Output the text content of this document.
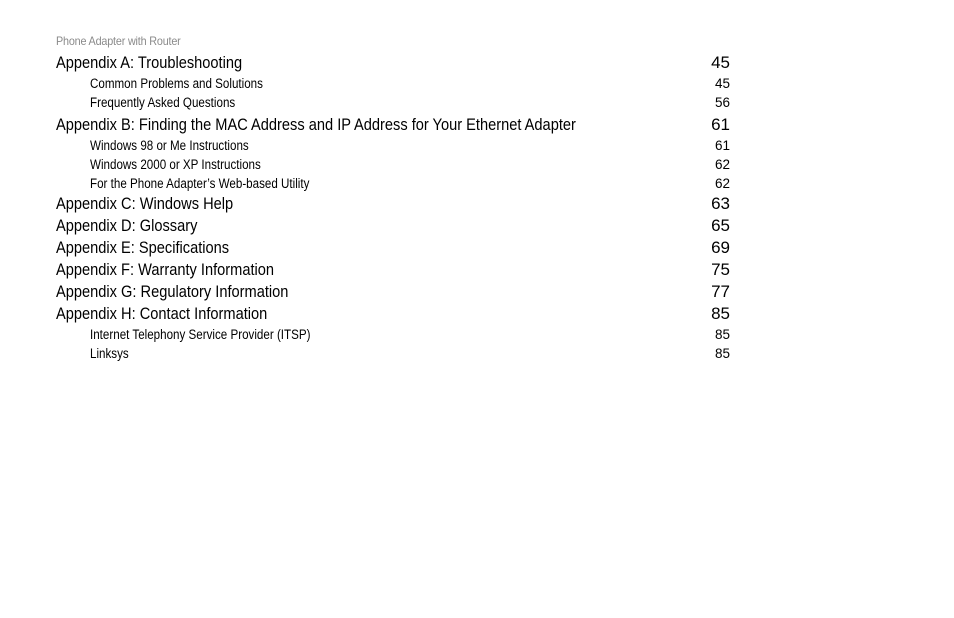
Phone Adapter with Router
Appendix A: Troubleshooting	45
Common Problems and Solutions	45
Frequently Asked Questions	56
Appendix B: Finding the MAC Address and IP Address for Your Ethernet Adapter	61
Windows 98 or Me Instructions	61
Windows 2000 or XP Instructions	62
For the Phone Adapter’s Web-based Utility	62
Appendix C: Windows Help	63
Appendix D: Glossary	65
Appendix E: Specifications	69
Appendix F: Warranty Information	75
Appendix G: Regulatory Information	77
Appendix H: Contact Information	85
Internet Telephony Service Provider (ITSP)	85
Linksys	85
